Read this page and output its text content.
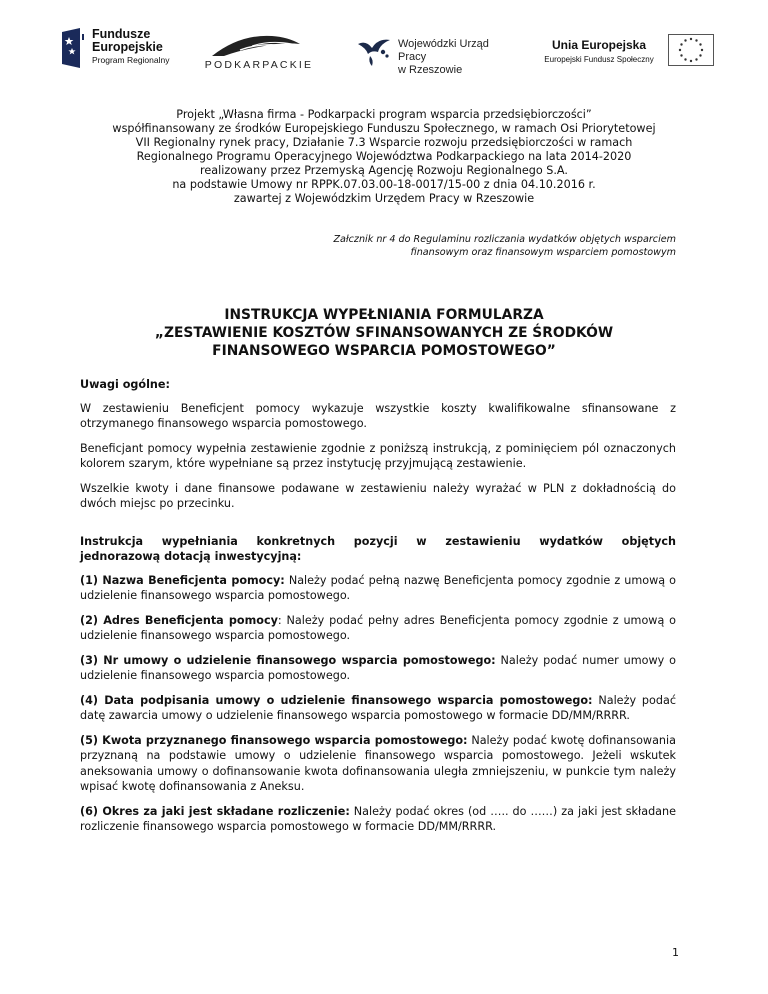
Fundusze
Europejskie
Program Regionalny	PODKARPACKIE
Wojewódzki Urząd Pracy
w Rzeszowie
Unia Europejska
Europejski Fundusz Społeczny
Projekt „Własna firma - Podkarpacki program wsparcia przedsiębiorczości”
współfinansowany ze środków Europejskiego Funduszu Społecznego, w ramach Osi Priorytetowej
VII Regionalny rynek pracy, Działanie 7.3 Wsparcie rozwoju przedsiębiorczości w ramach
Regionalnego Programu Operacyjnego Województwa Podkarpackiego na lata 2014-2020
realizowany przez Przemyską Agencję Rozwoju Regionalnego S.A.
na podstawie Umowy nr RPPK.07.03.00-18-0017/15-00 z dnia 04.10.2016 r.
zawartej z Wojewódzkim Urzędem Pracy w Rzeszowie
Załcznik nr 4 do Regulaminu rozliczania wydatków objętych wsparciem
finansowym oraz finansowym wsparciem pomostowym
INSTRUKCJA WYPEŁNIANIA FORMULARZA
„ZESTAWIENIE KOSZTÓW SFINANSOWANYCH ZE ŚRODKÓW
FINANSOWEGO WSPARCIA POMOSTOWEGO”
Uwagi ogólne:

W zestawieniu Beneficjent pomocy wykazuje wszystkie koszty kwalifikowalne sfinansowane z otrzymanego finansowego wsparcia pomostowego.

Beneficjant pomocy wypełnia zestawienie zgodnie z poniższą instrukcją, z pominięciem pól oznaczonych kolorem szarym, które wypełniane są przez instytucję przyjmującą zestawienie.

Wszelkie kwoty i dane finansowe podawane w zestawieniu należy wyrażać w PLN z dokładnością do dwóch miejsc po przecinku.

Instrukcja wypełniania konkretnych pozycji w zestawieniu wydatków objętych
jednorazową dotacją inwestycyjną:

(1) Nazwa Beneficjenta pomocy: Należy podać pełną nazwę Beneficjenta pomocy zgodnie z umową o udzielenie finansowego wsparcia pomostowego.

(2) Adres Beneficjenta pomocy: Należy podać pełny adres Beneficjenta pomocy zgodnie z umową o udzielenie finansowego wsparcia pomostowego.

(3) Nr umowy o udzielenie finansowego wsparcia pomostowego: Należy podać numer umowy o udzielenie finansowego wsparcia pomostowego.

(4) Data podpisania umowy o udzielenie finansowego wsparcia pomostowego: Należy podać datę zawarcia umowy o udzielenie finansowego wsparcia pomostowego w formacie DD/MM/RRRR.

(5) Kwota przyznanego finansowego wsparcia pomostowego: Należy podać kwotę dofinansowania przyznaną na podstawie umowy o udzielenie finansowego wsparcia pomostowego. Jeżeli wskutek aneksowania umowy o dofinansowanie kwota dofinansowania uległa zmniejszeniu, w punkcie tym należy wpisać kwotę dofinansowania z Aneksu.

(6) Okres za jaki jest składane rozliczenie: Należy podać okres (od ….. do ……) za jaki jest składane rozliczenie finansowego wsparcia pomostowego w formacie DD/MM/RRRR.

1
